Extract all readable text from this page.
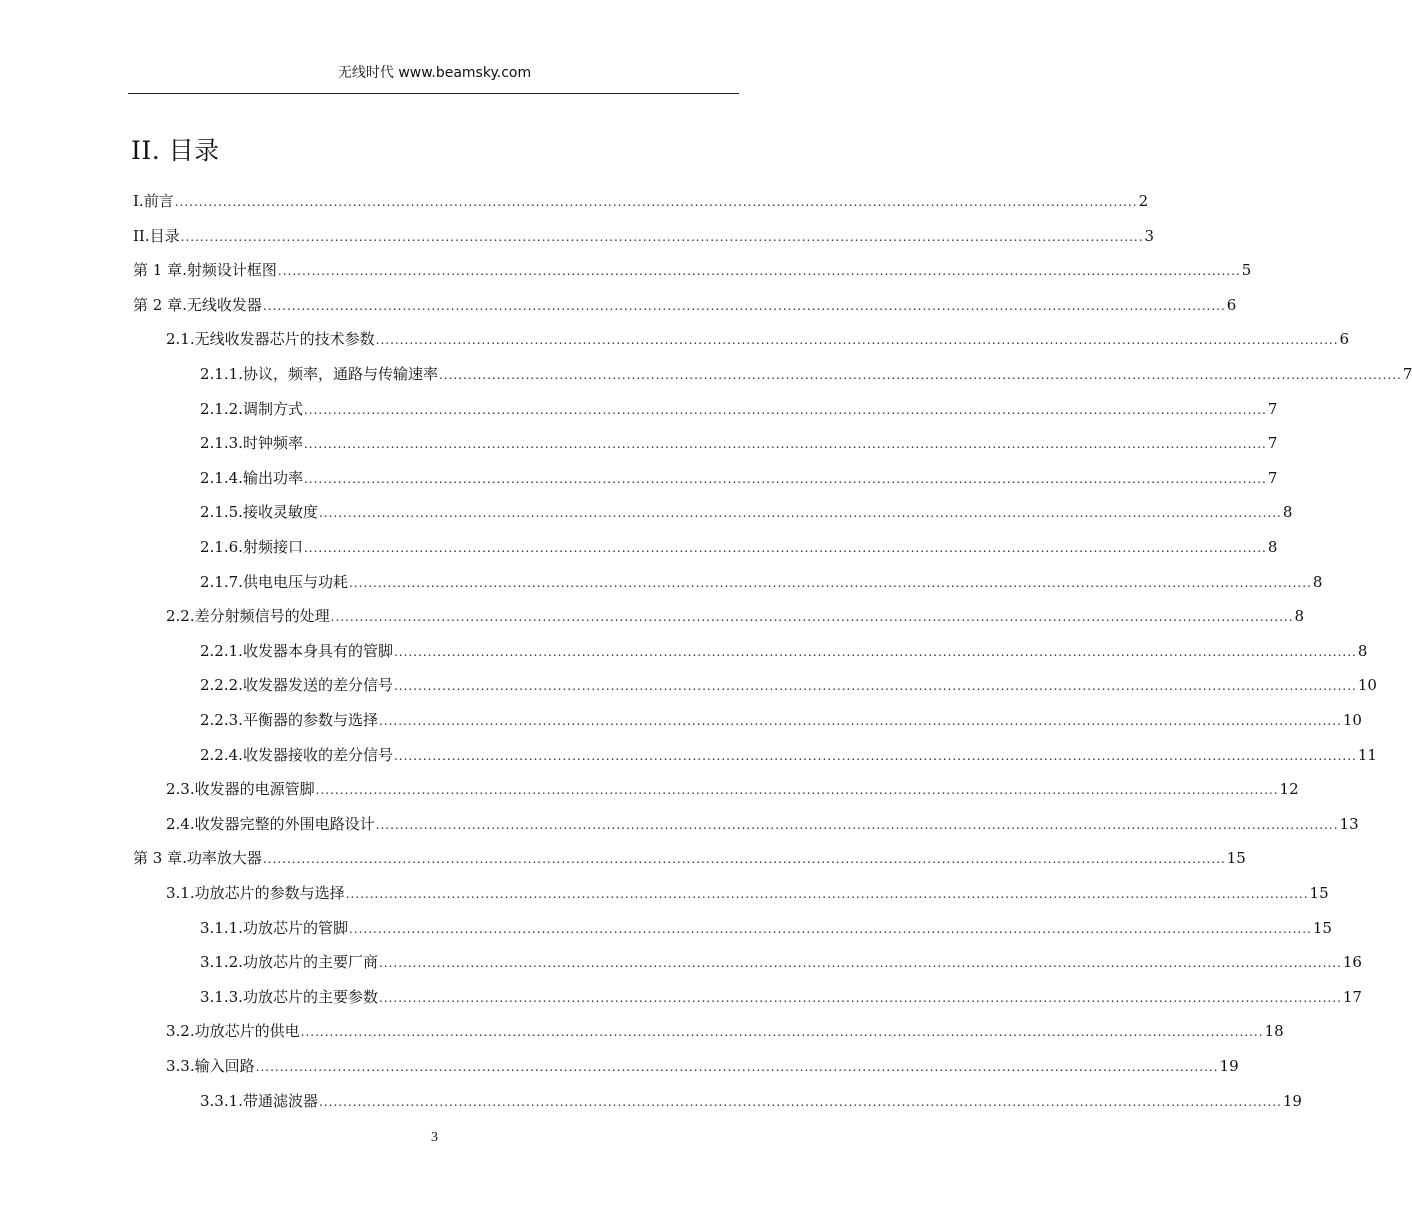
无线时代 www.beamsky.com
II. 目录
I. 前言 ........................................................................................................................................................................................................ 2
II. 目录 ........................................................................................................................................................................................................ 3
第 1 章. 射频设计框图 ........................................................................................................................................................................................................ 5
第 2 章. 无线收发器 ........................................................................................................................................................................................................ 6
2.1. 无线收发器芯片的技术参数 ........................................................................................................................................................................................................ 6
2.1.1. 协议，频率，通路与传输速率 ........................................................................................................................................................................................................ 7
2.1.2. 调制方式 ........................................................................................................................................................................................................ 7
2.1.3. 时钟频率 ........................................................................................................................................................................................................ 7
2.1.4. 输出功率 ........................................................................................................................................................................................................ 7
2.1.5. 接收灵敏度 ........................................................................................................................................................................................................ 8
2.1.6. 射频接口 ........................................................................................................................................................................................................ 8
2.1.7. 供电电压与功耗 ........................................................................................................................................................................................................ 8
2.2. 差分射频信号的处理 ........................................................................................................................................................................................................ 8
2.2.1. 收发器本身具有的管脚 ........................................................................................................................................................................................................ 8
2.2.2. 收发器发送的差分信号 ........................................................................................................................................................................................................ 10
2.2.3. 平衡器的参数与选择 ........................................................................................................................................................................................................ 10
2.2.4. 收发器接收的差分信号 ........................................................................................................................................................................................................ 11
2.3. 收发器的电源管脚 ........................................................................................................................................................................................................ 12
2.4. 收发器完整的外围电路设计 ........................................................................................................................................................................................................ 13
第 3 章. 功率放大器 ........................................................................................................................................................................................................ 15
3.1. 功放芯片的参数与选择 ........................................................................................................................................................................................................ 15
3.1.1. 功放芯片的管脚 ........................................................................................................................................................................................................ 15
3.1.2. 功放芯片的主要厂商 ........................................................................................................................................................................................................ 16
3.1.3. 功放芯片的主要参数 ........................................................................................................................................................................................................ 17
3.2. 功放芯片的供电 ........................................................................................................................................................................................................ 18
3.3. 输入回路 ........................................................................................................................................................................................................ 19
3.3.1. 带通滤波器 ........................................................................................................................................................................................................ 19
3
